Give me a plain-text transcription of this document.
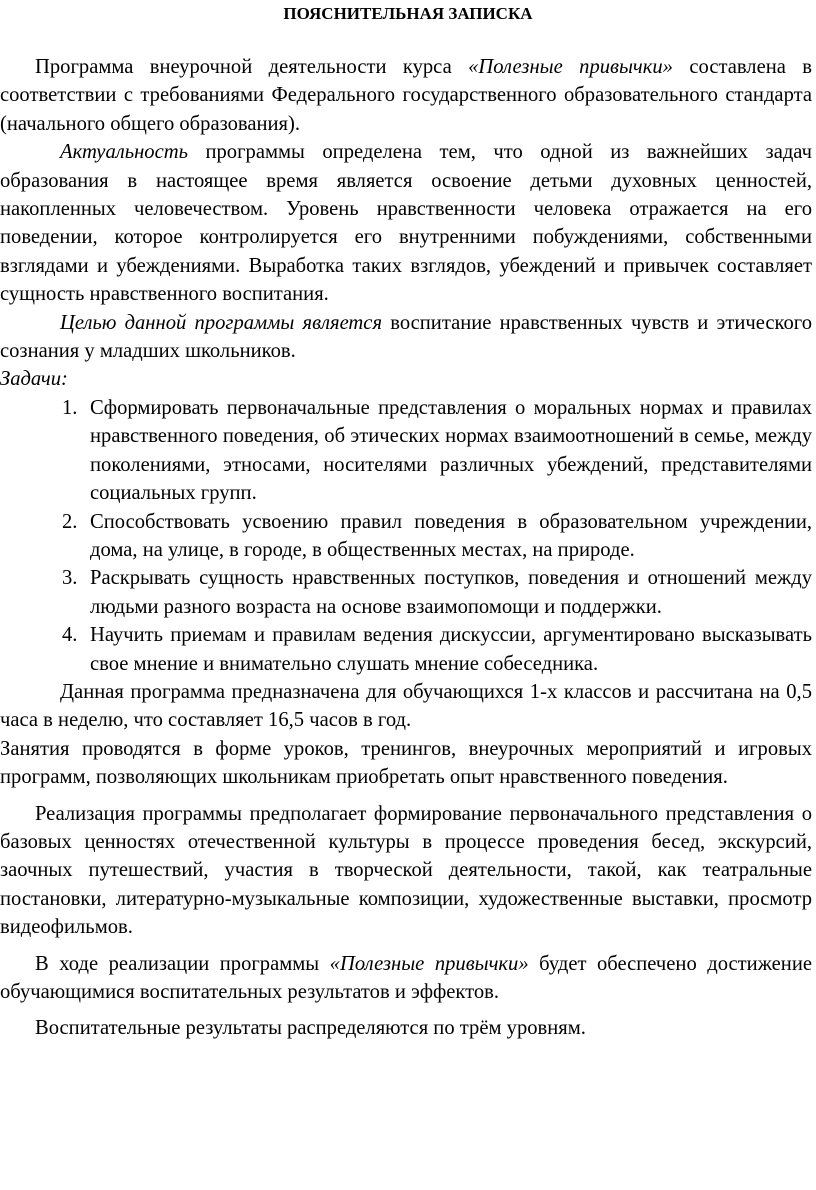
ПОЯСНИТЕЛЬНАЯ ЗАПИСКА

Программа внеурочной деятельности курса «Полезные привычки» составлена в соответствии с требованиями Федерального государственного образовательного стандарта (начального общего образования).

Актуальность программы определена тем, что одной из важнейших задач образования в настоящее время является освоение детьми духовных ценностей, накопленных человечеством. Уровень нравственности человека отражается на его поведении, которое контролируется его внутренними побуждениями, собственными взглядами и убеждениями. Выработка таких взглядов, убеждений и привычек составляет сущность нравственного воспитания.

Целью данной программы является воспитание нравственных чувств и этического сознания у младших школьников.

Задачи:

1. Сформировать первоначальные представления о моральных нормах и правилах нравственного поведения, об этических нормах взаимоотношений в семье, между поколениями, этносами, носителями различных убеждений, представителями социальных групп.
2. Способствовать усвоению правил поведения в образовательном учреждении, дома, на улице, в городе, в общественных местах, на природе.
3. Раскрывать сущность нравственных поступков, поведения и отношений между людьми разного возраста на основе взаимопомощи и поддержки.
4. Научить приемам и правилам ведения дискуссии, аргументировано высказывать свое мнение и внимательно слушать мнение собеседника.

Данная программа предназначена для обучающихся 1-х классов и рассчитана на 0,5 часа в неделю, что составляет 16,5 часов в год.

Занятия проводятся в форме уроков, тренингов, внеурочных мероприятий и игровых программ, позволяющих школьникам приобретать опыт нравственного поведения.

Реализация программы предполагает формирование первоначального представления о базовых ценностях отечественной культуры в процессе проведения бесед, экскурсий, заочных путешествий, участия в творческой деятельности, такой, как театральные постановки, литературно-музыкальные композиции, художественные выставки, просмотр видеофильмов.

В ходе реализации программы «Полезные привычки» будет обеспечено достижение обучающимися воспитательных результатов и эффектов.

Воспитательные результаты распределяются по трём уровням.
